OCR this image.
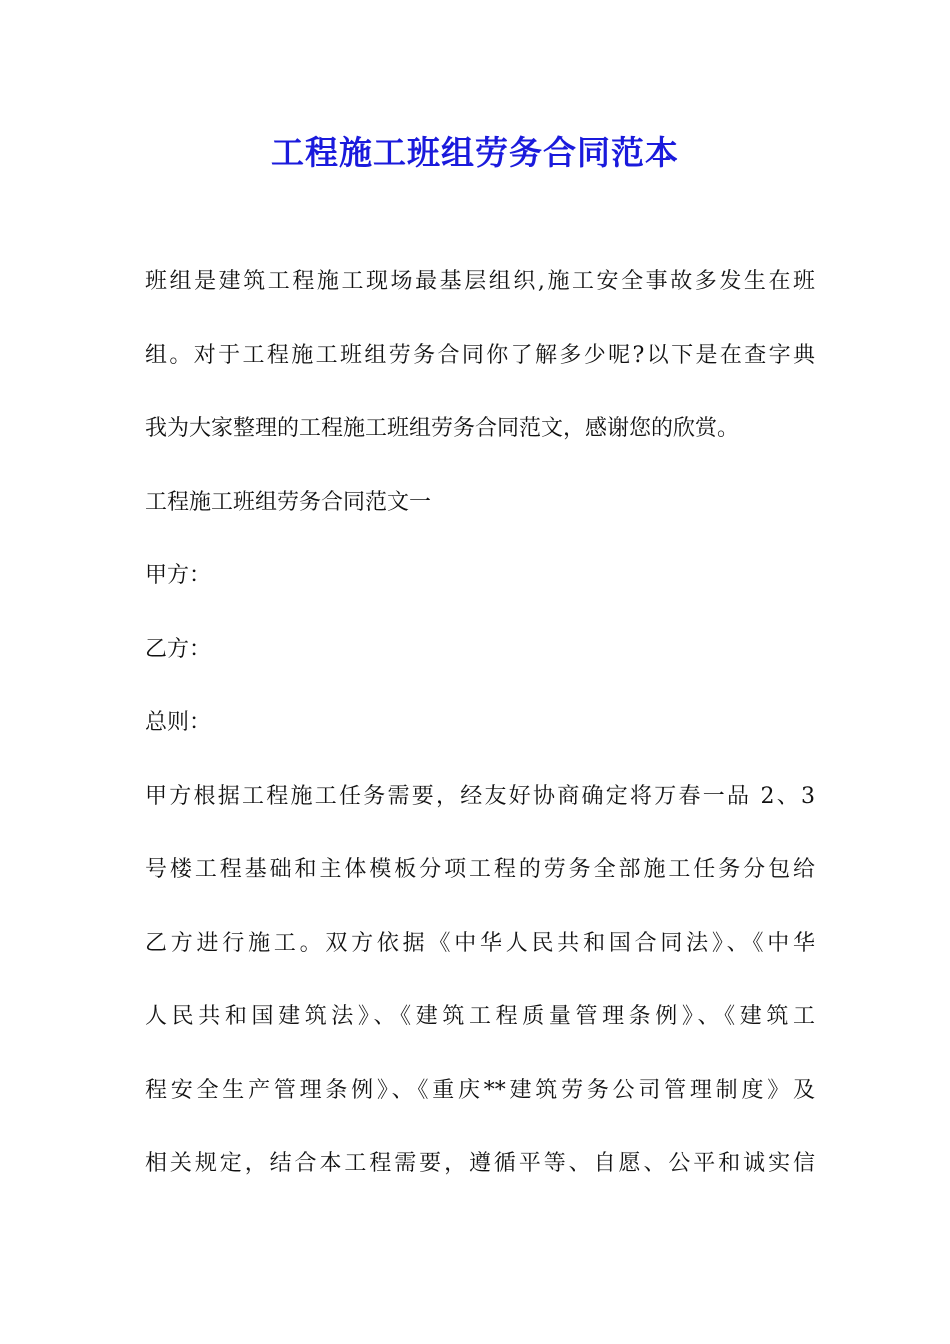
工程施工班组劳务合同范本

班组是建筑工程施工现场最基层组织,施工安全事故多发生在班

组。对于工程施工班组劳务合同你了解多少呢?以下是在查字典

我为大家整理的工程施工班组劳务合同范文，感谢您的欣赏。

工程施工班组劳务合同范文一

甲方：

乙方：

总则：

甲方根据工程施工任务需要，经友好协商确定将万春一品 2、3

号楼工程基础和主体模板分项工程的劳务全部施工任务分包给

乙方进行施工。双方依据《中华人民共和国合同法》、《中华

人民共和国建筑法》、《建筑工程质量管理条例》、《建筑工

程安全生产管理条例》、《重庆**建筑劳务公司管理制度》及

相关规定，结合本工程需要，遵循平等、自愿、公平和诚实信
